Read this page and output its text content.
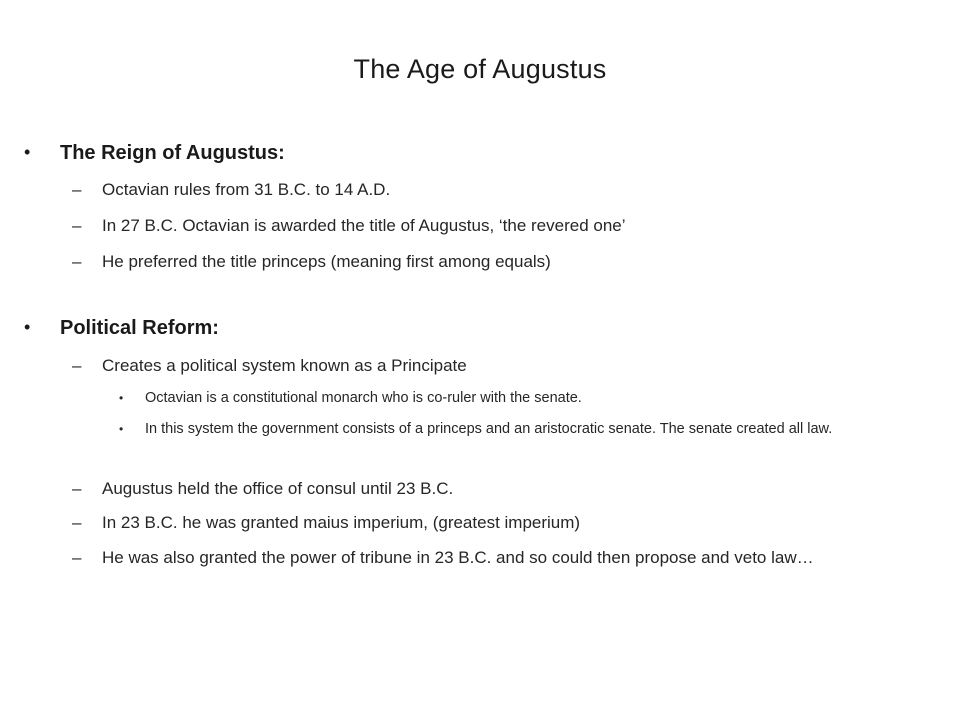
The Age of Augustus
• The Reign of Augustus:
– Octavian rules from 31 B.C. to 14 A.D.
– In 27 B.C. Octavian is awarded the title of Augustus, ‘the revered one’
– He preferred the title princeps (meaning first among equals)
• Political Reform:
– Creates a political system known as a Principate
• Octavian is a constitutional monarch who is co-ruler with the senate.
• In this system the government consists of a princeps and an aristocratic senate. The senate created all law.
– Augustus held the office of consul until 23 B.C.
– In 23 B.C. he was granted maius imperium, (greatest imperium)
– He was also granted the power of tribune in 23 B.C. and so could then propose and veto law…
